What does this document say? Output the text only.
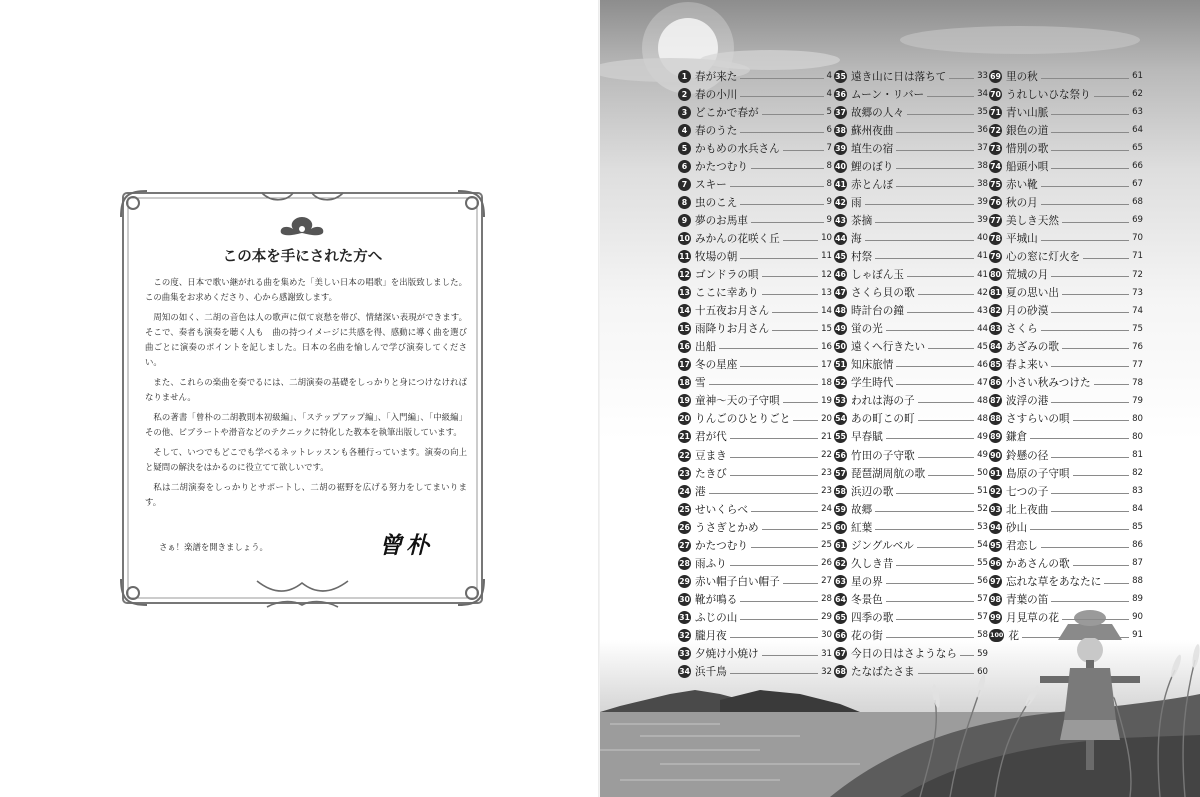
この本を手にされた方へ

この度、日本で歌い継がれる曲を集めた「美しい日本の唱歌」を出版致しました。この曲集をお求めくださり、心から感謝致します。

周知の如く、二胡の音色は人の歌声に似て哀愁を帯び、情緒深い表現ができます。そこで、奏者も演奏を聴く人も　曲の持つイメージに共感を得、感動に導く曲を選び曲ごとに演奏のポイントを記しました。日本の名曲を愉しんで学び演奏してください。

また、これらの楽曲を奏でるには、二胡演奏の基礎をしっかりと身につけなければなりません。

私の著書「曾朴の二胡教則本初級編」、「ステップアップ編」、「入門編」、「中級編」その他、ビブラートや滑音などのテクニックに特化した教本を執筆出版しています。

そして、いつでもどこでも学べるネットレッスンも各種行っています。演奏の向上と疑問の解決をはかるのに役立てて欲しいです。

私は二胡演奏をしっかりとサポートし、二胡の裾野を広げる努力をしてまいります。

さぁ！楽譜を開きましょう。	曾朴
1 春が来た	4
2 春の小川	4
3 どこかで春が	5
4 春のうた	6
5 かもめの水兵さん	7
6 かたつむり	8
7 スキー	8
8 虫のこえ	9
9 夢のお馬車	9
10 みかんの花咲く丘	10
11 牧場の朝	11
12 ゴンドラの唄	12
13 ここに幸あり	13
14 十五夜お月さん	14
15 雨降りお月さん	15
16 出船	16
17 冬の星座	17
18 雪	18
19 童神〜天の子守唄	19
20 りんごのひとりごと	20
21 君が代	21
22 豆まき	22
23 たきび	23
24 港	23
25 せいくらべ	24
26 うさぎとかめ	25
27 かたつむり	25
28 雨ふり	26
29 赤い帽子白い帽子	27
30 靴が鳴る	28
31 ふじの山	29
32 朧月夜	30
33 夕焼け小焼け	31
34 浜千鳥	32
35 遠き山に日は落ちて	33
36 ムーン・リバー	34
37 故郷の人々	35
38 蘇州夜曲	36
39 埴生の宿	37
40 鯉のぼり	38
41 赤とんぼ	38
42 雨	39
43 茶摘	39
44 海	40
45 村祭	41
46 しゃぼん玉	41
47 さくら貝の歌	42
48 時計台の鐘	43
49 蛍の光	44
50 遠くへ行きたい	45
51 知床旅情	46
52 学生時代	47
53 われは海の子	48
54 あの町この町	48
55 早春賦	49
56 竹田の子守歌	49
57 琵琶湖周航の歌	50
58 浜辺の歌	51
59 故郷	52
60 紅葉	53
61 ジングルベル	54
62 久しき昔	55
63 星の界	56
64 冬景色	57
65 四季の歌	57
66 花の街	58
67 今日の日はさようなら 59
68 たなばたさま	60
69 里の秋	61
70 うれしいひな祭り	62
71 青い山脈	63
72 銀色の道	64
73 惜別の歌	65
74 船頭小唄	66
75 赤い靴	67
76 秋の月	68
77 美しき天然	69
78 平城山	70
79 心の窓に灯火を	71
80 荒城の月	72
81 夏の思い出	73
82 月の砂漠	74
83 さくら	75
84 あざみの歌	76
85 春よ来い	77
86 小さい秋みつけた	78
87 波浮の港	79
88 さすらいの唄	80
89 鎌倉	80
90 鈴懸の径	81
91 島原の子守唄	82
92 七つの子	83
93 北上夜曲	84
94 砂山	85
95 君恋し	86
96 かあさんの歌	87
97 忘れな草をあなたに	88
98 青葉の笛	89
99 月見草の花	90
100 花	91
